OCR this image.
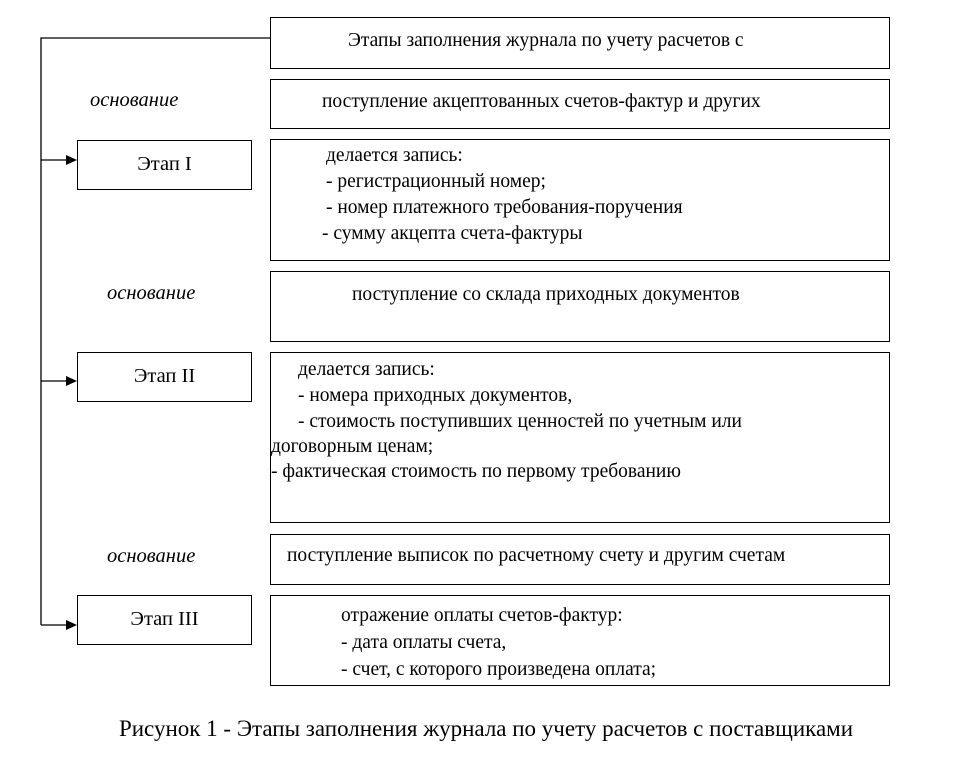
Этапы заполнения журнала по учету расчетов с
основание	поступление акцептованных счетов-фактур и других
Этап I	делается запись:
- регистрационный номер;
- номер платежного требования-поручения
- сумму акцепта счета-фактуры
основание	поступление со склада приходных документов
Этап II	делается запись:
- номера приходных документов,
- стоимость поступивших ценностей по учетным или
договорным ценам;
- фактическая стоимость по первому требованию
основание	поступление выписок по расчетному счету и другим счетам
Этап III	отражение оплаты счетов-фактур:
- дата оплаты счета,
- счет, с которого произведена оплата;
Рисунок 1 - Этапы заполнения журнала по учету расчетов с поставщиками
